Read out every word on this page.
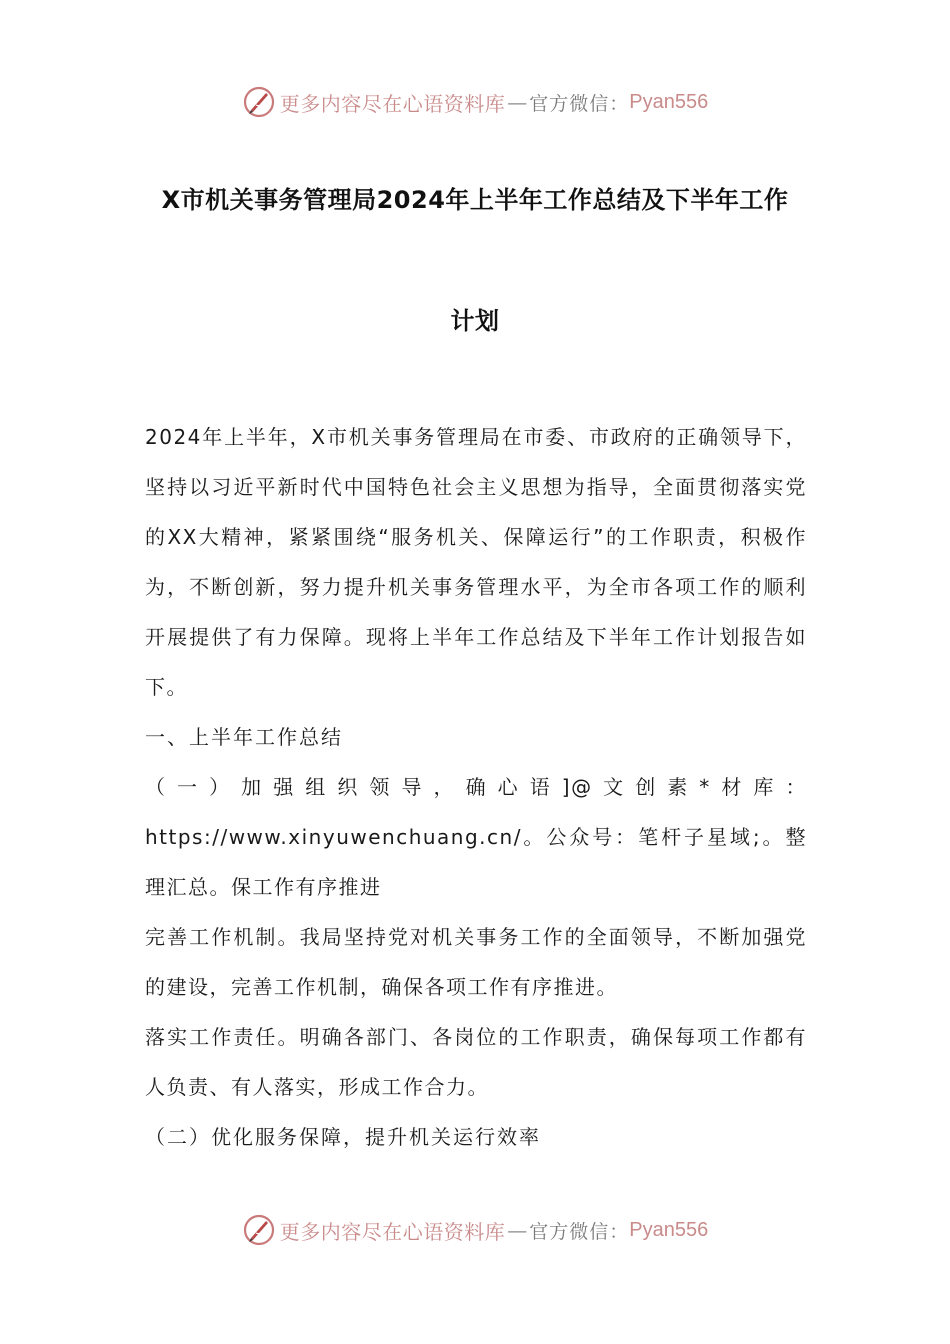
更多内容尽在心语资料库 — 官方微信： Pyan556
X市机关事务管理局2024年上半年工作总结及下半年工作
计划

2024年上半年，X市机关事务管理局在市委、市政府的正确领导下，坚持以习近平新时代中国特色社会主义思想为指导，全面贯彻落实党的XX大精神，紧紧围绕“服务机关、保障运行”的工作职责，积极作为，不断创新，努力提升机关事务管理水平，为全市各项工作的顺利开展提供了有力保障。现将上半年工作总结及下半年工作计划报告如下。

一、上半年工作总结

（一）加强组织领导，确心语]@文创素*材库：https://www.xinyuwenchuang.cn/。公众号：笔杆子星域;。整理汇总。保工作有序推进

完善工作机制。我局坚持党对机关事务工作的全面领导，不断加强党的建设，完善工作机制，确保各项工作有序推进。

落实工作责任。明确各部门、各岗位的工作职责，确保每项工作都有人负责、有人落实，形成工作合力。

（二）优化服务保障，提升机关运行效率

更多内容尽在心语资料库 — 官方微信： Pyan556
